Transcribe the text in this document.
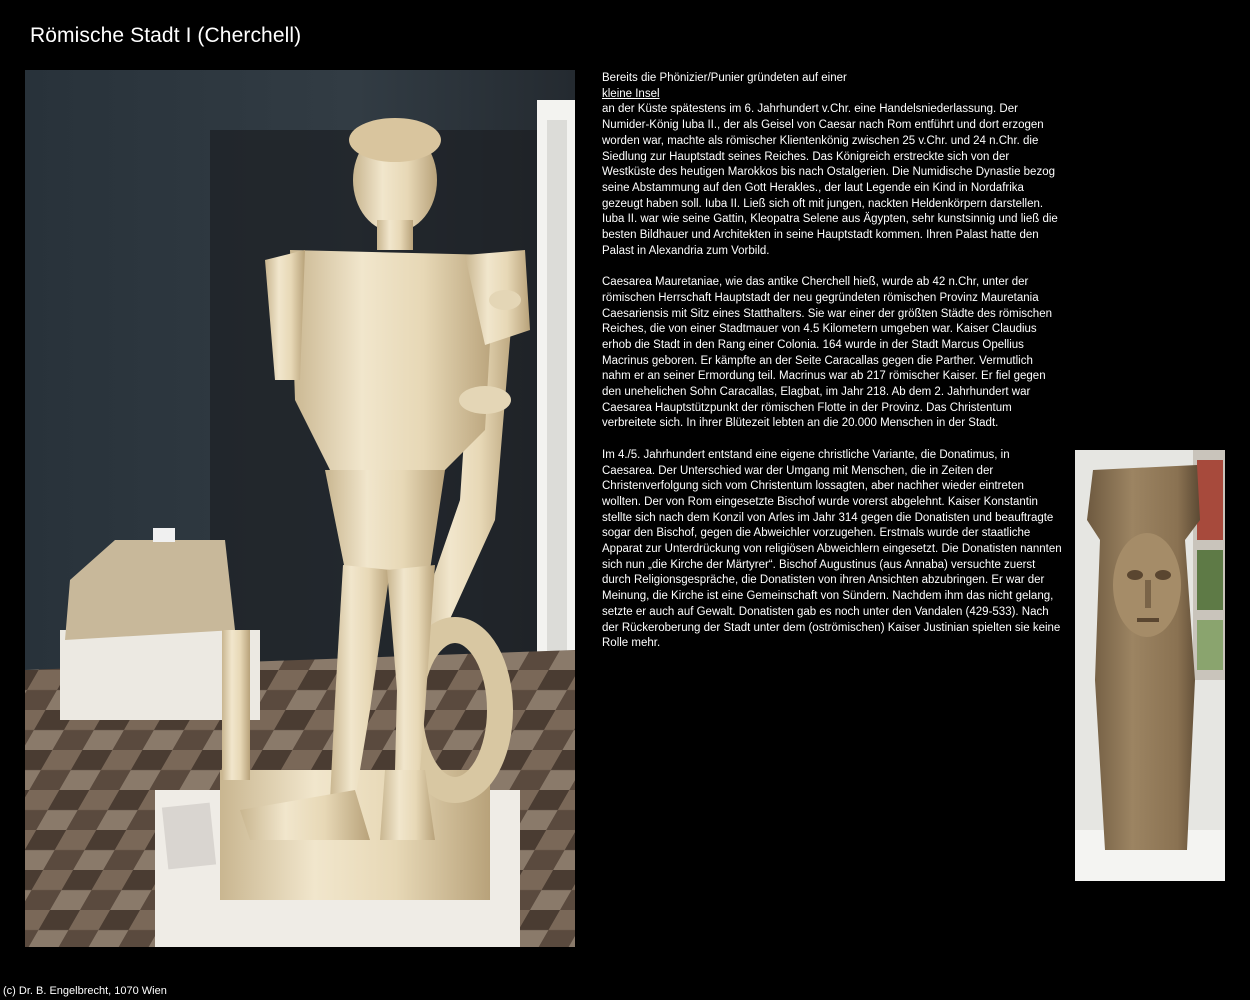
Römische Stadt I (Cherchell)

Bereits die Phönizier/Punier gründeten auf einer
kleine Insel
an der Küste spätestens im 6. Jahrhundert v.Chr. eine Handelsniederlassung. Der Numider-König Iuba II., der als Geisel von Caesar nach Rom entführt und dort erzogen worden war, machte als römischer Klientenkönig zwischen 25 v.Chr. und 24 n.Chr. die Siedlung zur Hauptstadt seines Reiches. Das Königreich erstreckte sich von der Westküste des heutigen Marokkos bis nach Ostalgerien. Die Numidische Dynastie bezog seine Abstammung auf den Gott Herakles., der laut Legende ein Kind in Nordafrika gezeugt haben soll. Iuba II. Ließ sich oft mit jungen, nackten Heldenkörpern darstellen. Iuba II. war wie seine Gattin, Kleopatra Selene aus Ägypten, sehr kunstsinnig und ließ die besten Bildhauer und Architekten in seine Hauptstadt kommen. Ihren Palast hatte den Palast in Alexandria zum Vorbild.

Caesarea Mauretaniae, wie das antike Cherchell hieß, wurde ab 42 n.Chr, unter der römischen Herrschaft Hauptstadt der neu gegründeten römischen Provinz Mauretania Caesariensis mit Sitz eines Statthalters. Sie war einer der größten Städte des römischen Reiches, die von einer Stadtmauer von 4.5 Kilometern umgeben war. Kaiser Claudius erhob die Stadt in den Rang einer Colonia. 164 wurde in der Stadt Marcus Opellius Macrinus geboren. Er kämpfte an der Seite Caracallas gegen die Parther. Vermutlich nahm er an seiner Ermordung teil. Macrinus war ab 217 römischer Kaiser. Er fiel gegen den unehelichen Sohn Caracallas, Elagbat, im Jahr 218. Ab dem 2. Jahrhundert war Caesarea Hauptstützpunkt der römischen Flotte in der Provinz. Das Christentum verbreitete sich. In ihrer Blütezeit lebten an die 20.000 Menschen in der Stadt.

Im 4./5. Jahrhundert entstand eine eigene christliche Variante, die Donatimus, in Caesarea. Der Unterschied war der Umgang mit Menschen, die in Zeiten der Christenverfolgung sich vom Christentum lossagten, aber nachher wieder eintreten wollten. Der von Rom eingesetzte Bischof wurde vorerst abgelehnt. Kaiser Konstantin stellte sich nach dem Konzil von Arles im Jahr 314 gegen die Donatisten und beauftragte sogar den Bischof, gegen die Abweichler vorzugehen. Erstmals wurde der staatliche Apparat zur Unterdrückung von religiösen Abweichlern eingesetzt. Die Donatisten nannten sich nun „die Kirche der Märtyrer“. Bischof Augustinus (aus Annaba) versuchte zuerst durch Religionsgespräche, die Donatisten von ihren Ansichten abzubringen. Er war der Meinung, die Kirche ist eine Gemeinschaft von Sündern. Nachdem ihm das nicht gelang, setzte er auch auf Gewalt. Donatisten gab es noch unter den Vandalen (429-533). Nach der Rückeroberung der Stadt unter dem (oströmischen) Kaiser Justinian spielten sie keine Rolle mehr.

(c) Dr. B. Engelbrecht, 1070 Wien
